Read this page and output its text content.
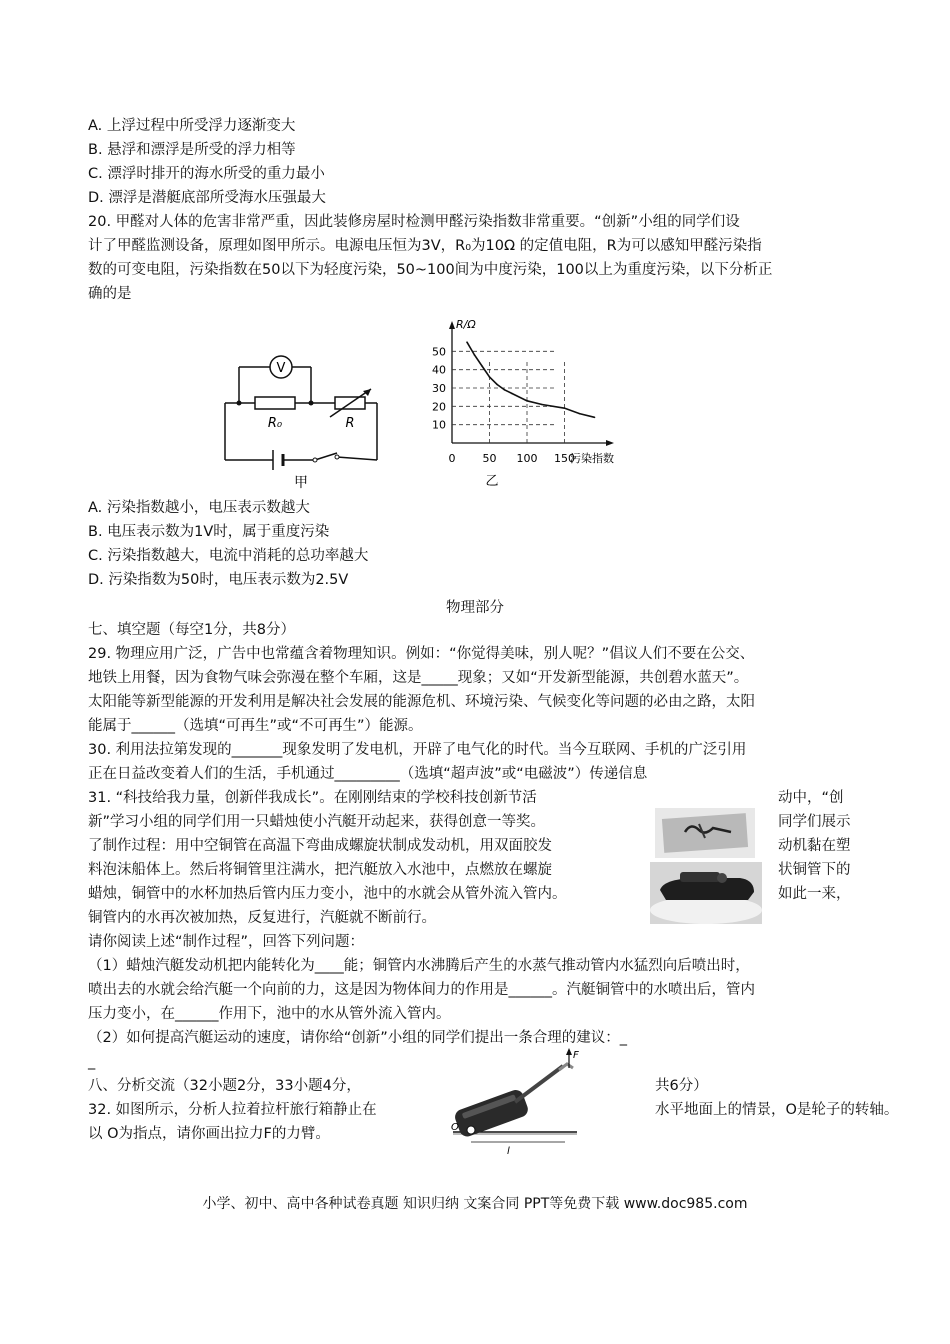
A. 上浮过程中所受浮力逐渐变大
B. 悬浮和漂浮是所受的浮力相等
C. 漂浮时排开的海水所受的重力最小
D. 漂浮是潜艇底部所受海水压强最大
20. 甲醛对人体的危害非常严重，因此装修房屋时检测甲醛污染指数非常重要。“创新”小组的同学们设
计了甲醛监测设备，原理如图甲所示。电源电压恒为3V，R₀为10Ω 的定值电阻，R为可以感知甲醛污染指
数的可变电阻，污染指数在50以下为轻度污染，50~100间为中度污染，100以上为重度污染，以下分析正
确的是
V
R₀	R
甲
10
20
30
40
50
0 50 100 150
R/Ω
污染指数
乙
A. 污染指数越小，电压表示数越大
B. 电压表示数为1V时，属于重度污染
C. 污染指数越大，电流中消耗的总功率越大
D. 污染指数为50时，电压表示数为2.5V
物理部分
七、填空题（每空1分，共8分）
29. 物理应用广泛，广告中也常蕴含着物理知识。例如：“你觉得美味，别人呢？”倡议人们不要在公交、
地铁上用餐，因为食物气味会弥漫在整个车厢，这是_____现象；又如“开发新型能源，共创碧水蓝天”。
太阳能等新型能源的开发利用是解决社会发展的能源危机、环境污染、气候变化等问题的必由之路，太阳
能属于______（选填“可再生”或“不可再生”）能源。
30. 利用法拉第发现的_______现象发明了发电机，开辟了电气化的时代。当今互联网、手机的广泛引用
正在日益改变着人们的生活，手机通过_________（选填“超声波”或“电磁波”）传递信息
31. “科技给我力量，创新伴我成长”。在刚刚结束的学校科技创新节活
新”学习小组的同学们用一只蜡烛使小汽艇开动起来，获得创意一等奖。
了制作过程：用中空铜管在高温下弯曲成螺旋状制成发动机，用双面胶发
料泡沫船体上。然后将铜管里注满水，把汽艇放入水池中，点燃放在螺旋
蜡烛，铜管中的水杯加热后管内压力变小，池中的水就会从管外流入管内。
动中，“创
同学们展示
动机黏在塑
状铜管下的
如此一来，
铜管内的水再次被加热，反复进行，汽艇就不断前行。
请你阅读上述“制作过程”，回答下列问题：
（1）蜡烛汽艇发动机把内能转化为____能；铜管内水沸腾后产生的水蒸气推动管内水猛烈向后喷出时，
喷出去的水就会给汽艇一个向前的力，这是因为物体间力的作用是______。汽艇铜管中的水喷出后，管内
压力变小，在______作用下，池中的水从管外流入管内。
（2）如何提高汽艇运动的速度，请你给“创新”小组的同学们提出一条合理的建议：_
_
八、分析交流（32小题2分，33小题4分，	共6分）
32. 如图所示，分析人拉着拉杆旅行箱静止在	水平地面上的情景，O是轮子的转轴。
以 O为指点，请你画出拉力F的力臂。
F
O
l
小学、初中、高中各种试卷真题 知识归纳 文案合同 PPT等免费下载 www.doc985.com
